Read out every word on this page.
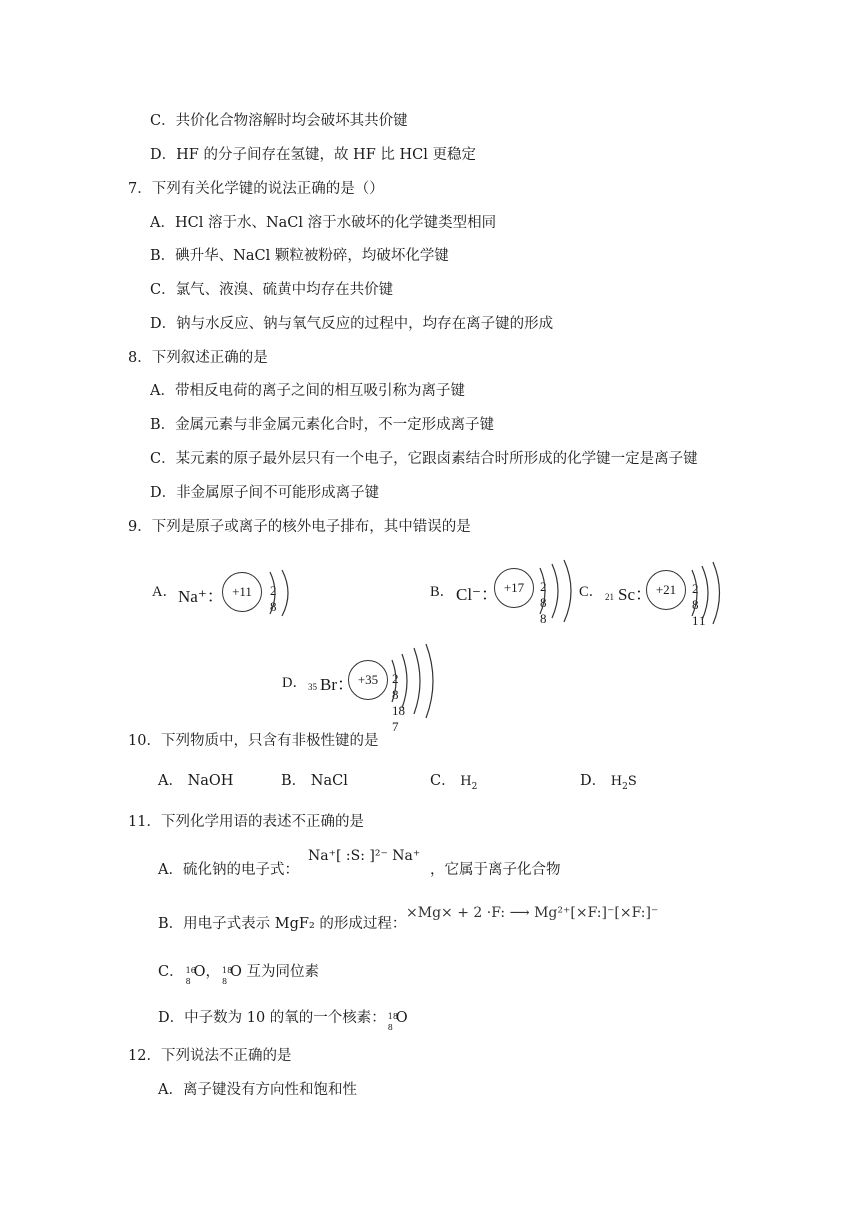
C．共价化合物溶解时均会破坏其共价键
D．HF 的分子间存在氢键，故 HF 比 HCl 更稳定
7．下列有关化学键的说法正确的是（）
A．HCl 溶于水、NaCl 溶于水破坏的化学键类型相同
B．碘升华、NaCl 颗粒被粉碎，均破坏化学键
C．氯气、液溴、硫黄中均存在共价键
D．钠与水反应、钠与氧气反应的过程中，均存在离子键的形成
8．下列叙述正确的是
A．带相反电荷的离子之间的相互吸引称为离子键
B．金属元素与非金属元素化合时，不一定形成离子键
C．某元素的原子最外层只有一个电子，它跟卤素结合时所形成的化学键一定是离子键
D．非金属原子间不可能形成离子键
9．下列是原子或离子的核外电子排布，其中错误的是
A． Na⁺： +11	2 8
B． Cl⁻： +17	2 8 8
C． 21 Sc： +21	2 8 11
D． 35 Br： +35	2 8 18 7
10．下列物质中，只含有非极性键的是
A． NaOH	B． NaCl	C． $H_2$	D． $H_2S$
11．下列化学用语的表述不正确的是
A．硫化钠的电子式：
Na⁺[ :S: ]²⁻ Na⁺
，它属于离子化合物
B．用电子式表示 MgF₂ 的形成过程：
×Mg× + 2 ·F: ⟶ Mg²⁺[×F:]⁻[×F:]⁻
C． 16
8
O， 18
8
O 互为同位素
D．中子数为 10 的氧的一个核素： 18
8
O
12．下列说法不正确的是
A．离子键没有方向性和饱和性
